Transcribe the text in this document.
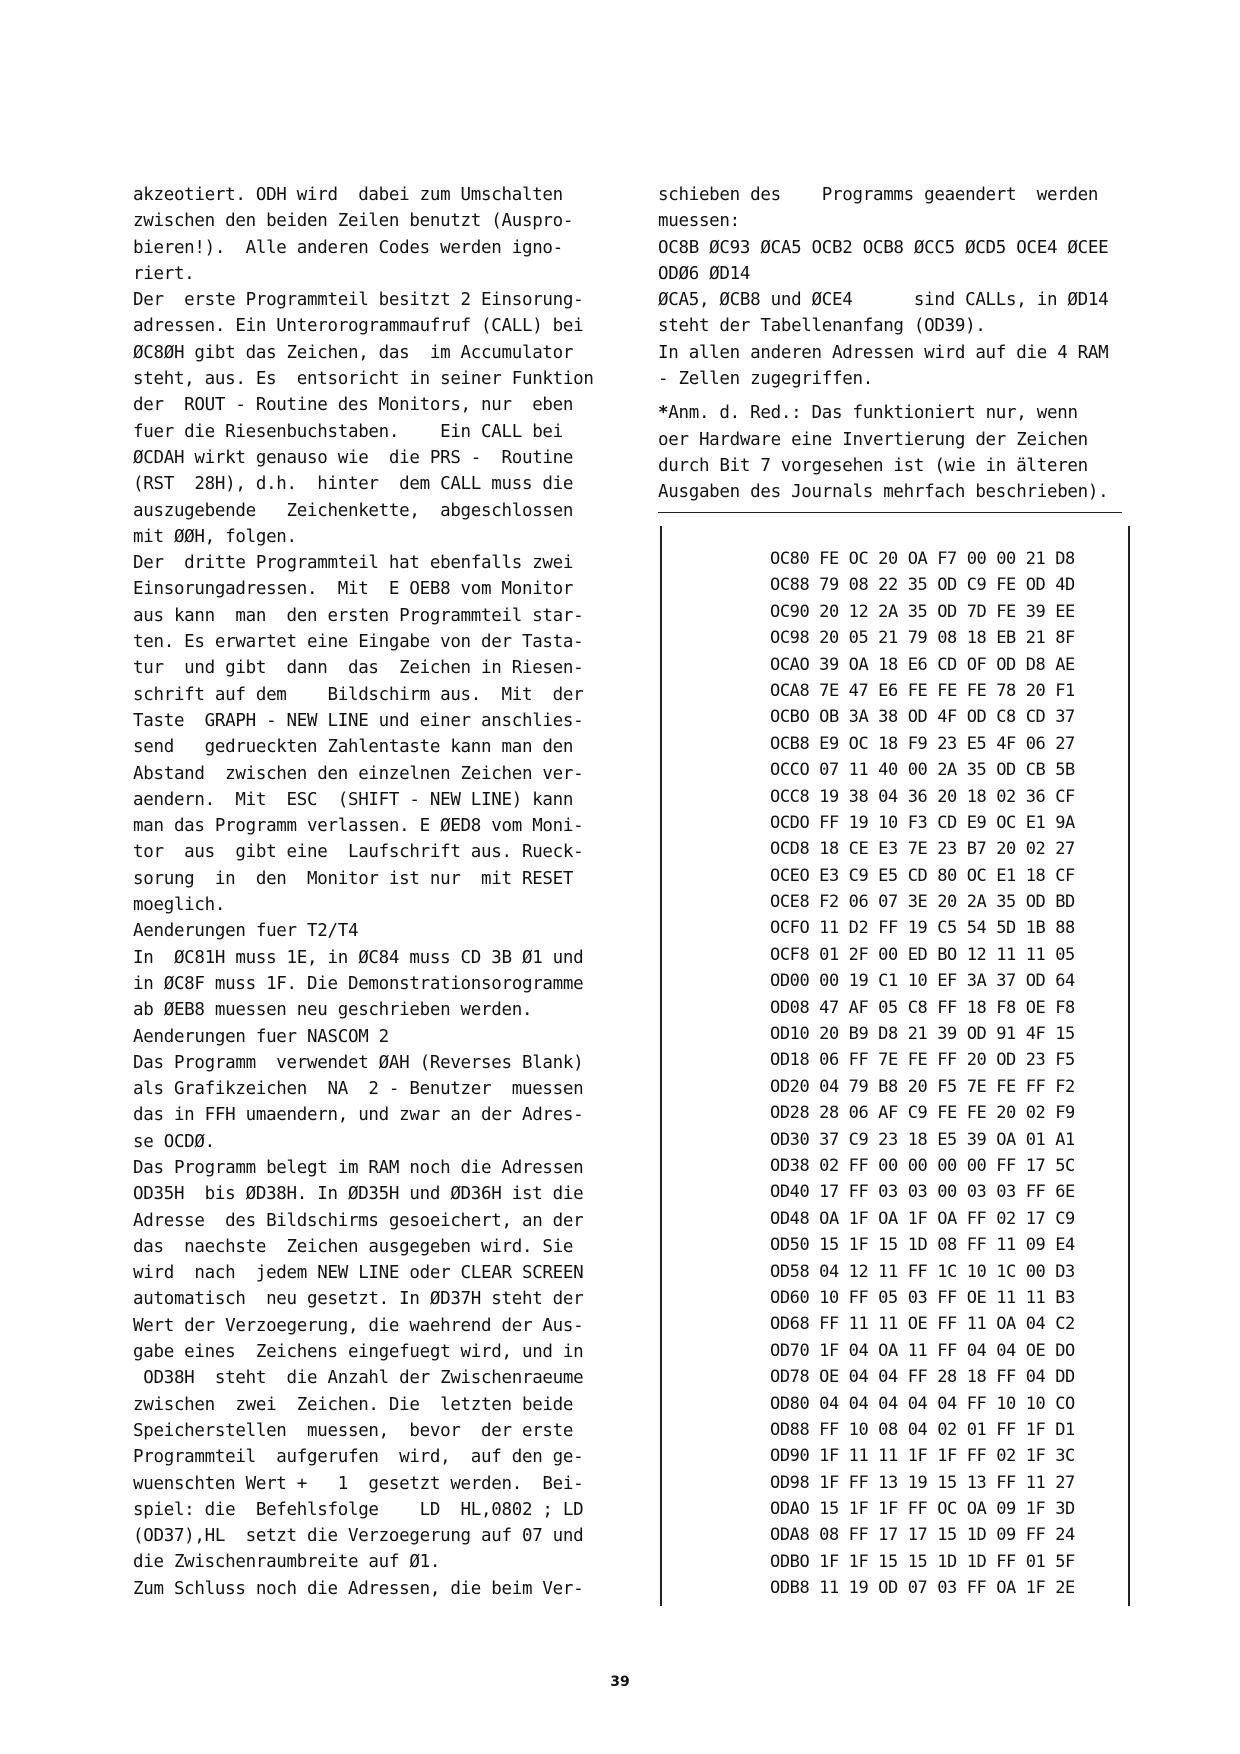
akzeotiert. ODH wird  dabei zum Umschalten
zwischen den beiden Zeilen benutzt (Auspro-
bieren!).  Alle anderen Codes werden igno-
riert.
Der  erste Programmteil besitzt 2 Einsorung-
adressen. Ein Unterorogrammaufruf (CALL) bei
ØC8ØH gibt das Zeichen, das  im Accumulator
steht, aus. Es  entsoricht in seiner Funktion
der  ROUT - Routine des Monitors, nur  eben
fuer die Riesenbuchstaben.    Ein CALL bei
ØCDAH wirkt genauso wie  die PRS -  Routine
(RST  28H), d.h.  hinter  dem CALL muss die
auszugebende   Zeichenkette,  abgeschlossen
mit ØØH, folgen.
Der  dritte Programmteil hat ebenfalls zwei
Einsorungadressen.  Mit  E OEB8 vom Monitor
aus kann  man  den ersten Programmteil star-
ten. Es erwartet eine Eingabe von der Tasta-
tur  und gibt  dann  das  Zeichen in Riesen-
schrift auf dem    Bildschirm aus.  Mit  der
Taste  GRAPH - NEW LINE und einer anschlies-
send   gedrueckten Zahlentaste kann man den
Abstand  zwischen den einzelnen Zeichen ver-
aendern.  Mit  ESC  (SHIFT - NEW LINE) kann
man das Programm verlassen. E ØED8 vom Moni-
tor  aus  gibt eine  Laufschrift aus. Rueck-
sorung  in  den  Monitor ist nur  mit RESET
moeglich.
Aenderungen fuer T2/T4
In  ØC81H muss 1E, in ØC84 muss CD 3B Ø1 und
in ØC8F muss 1F. Die Demonstrationsorogramme
ab ØEB8 muessen neu geschrieben werden.
Aenderungen fuer NASCOM 2
Das Programm  verwendet ØAH (Reverses Blank)
als Grafikzeichen  NA  2 - Benutzer  muessen
das in FFH umaendern, und zwar an der Adres-
se OCDØ.
Das Programm belegt im RAM noch die Adressen
OD35H  bis ØD38H. In ØD35H und ØD36H ist die
Adresse  des Bildschirms gesoeichert, an der
das  naechste  Zeichen ausgegeben wird. Sie
wird  nach  jedem NEW LINE oder CLEAR SCREEN
automatisch  neu gesetzt. In ØD37H steht der
Wert der Verzoegerung, die waehrend der Aus-
gabe eines  Zeichens eingefuegt wird, und in
OD38H  steht  die Anzahl der Zwischenraeume
zwischen  zwei  Zeichen. Die  letzten beide
Speicherstellen  muessen,  bevor  der erste
Programmteil  aufgerufen  wird,  auf den ge-
wuenschten Wert +   1  gesetzt werden.  Bei-
spiel: die  Befehlsfolge    LD  HL,0802 ; LD
(OD37),HL  setzt die Verzoegerung auf 07 und
die Zwischenraumbreite auf Ø1.
Zum Schluss noch die Adressen, die beim Ver-
schieben des    Programms geaendert  werden
muessen:
OC8B ØC93 ØCA5 OCB2 OCB8 ØCC5 ØCD5 OCE4 ØCEE
ODØ6 ØD14
ØCA5, ØCB8 und ØCE4      sind CALLs, in ØD14
steht der Tabellenanfang (OD39).
In allen anderen Adressen wird auf die 4 RAM
- Zellen zugegriffen.
*Anm. d. Red.: Das funktioniert nur, wenn
oer Hardware eine Invertierung der Zeichen
durch Bit 7 vorgesehen ist (wie in älteren
Ausgaben des Journals mehrfach beschrieben).
OC80 FE OC 20 OA F7 00 00 21 D8
OC88 79 08 22 35 OD C9 FE OD 4D
OC90 20 12 2A 35 OD 7D FE 39 EE
OC98 20 05 21 79 08 18 EB 21 8F
OCAO 39 OA 18 E6 CD OF OD D8 AE
OCA8 7E 47 E6 FE FE FE 78 20 F1
OCBO OB 3A 38 OD 4F OD C8 CD 37
OCB8 E9 OC 18 F9 23 E5 4F 06 27
OCCO 07 11 40 00 2A 35 OD CB 5B
OCC8 19 38 04 36 20 18 02 36 CF
OCDO FF 19 10 F3 CD E9 OC E1 9A
OCD8 18 CE E3 7E 23 B7 20 02 27
OCEO E3 C9 E5 CD 80 OC E1 18 CF
OCE8 F2 06 07 3E 20 2A 35 OD BD
OCFO 11 D2 FF 19 C5 54 5D 1B 88
OCF8 01 2F 00 ED BO 12 11 11 05
OD00 00 19 C1 10 EF 3A 37 OD 64
OD08 47 AF 05 C8 FF 18 F8 OE F8
OD10 20 B9 D8 21 39 OD 91 4F 15
OD18 06 FF 7E FE FF 20 OD 23 F5
OD20 04 79 B8 20 F5 7E FE FF F2
OD28 28 06 AF C9 FE FE 20 02 F9
OD30 37 C9 23 18 E5 39 OA 01 A1
OD38 02 FF 00 00 00 00 FF 17 5C
OD40 17 FF 03 03 00 03 03 FF 6E
OD48 OA 1F OA 1F OA FF 02 17 C9
OD50 15 1F 15 1D 08 FF 11 09 E4
OD58 04 12 11 FF 1C 10 1C 00 D3
OD60 10 FF 05 03 FF OE 11 11 B3
OD68 FF 11 11 OE FF 11 OA 04 C2
OD70 1F 04 OA 11 FF 04 04 OE DO
OD78 OE 04 04 FF 28 18 FF 04 DD
OD80 04 04 04 04 04 FF 10 10 CO
OD88 FF 10 08 04 02 01 FF 1F D1
OD90 1F 11 11 1F 1F FF 02 1F 3C
OD98 1F FF 13 19 15 13 FF 11 27
ODAO 15 1F 1F FF OC OA 09 1F 3D
ODA8 08 FF 17 17 15 1D 09 FF 24
ODBO 1F 1F 15 15 1D 1D FF 01 5F
ODB8 11 19 OD 07 03 FF OA 1F 2E
39
